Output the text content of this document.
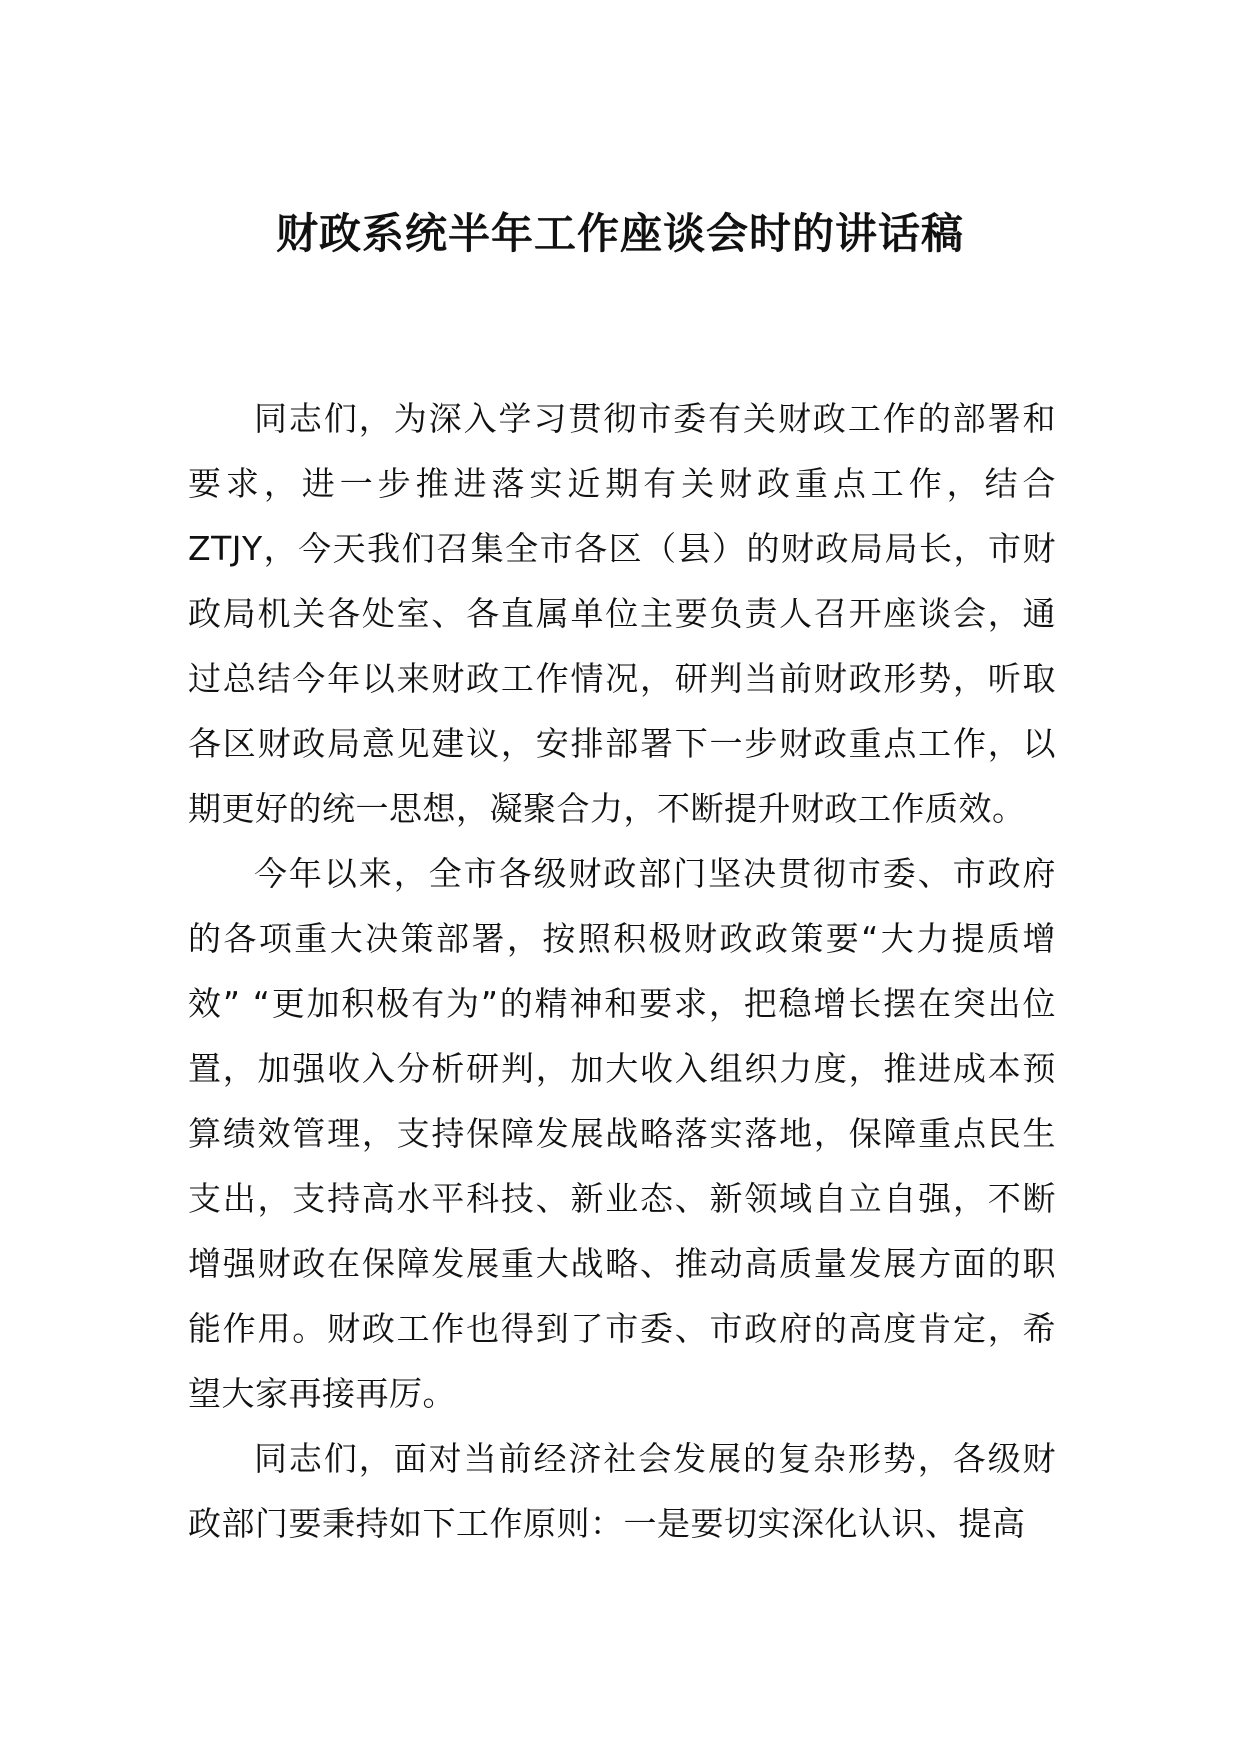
财政系统半年工作座谈会时的讲话稿

同志们，为深入学习贯彻市委有关财政工作的部署和要求，进一步推进落实近期有关财政重点工作，结合 ZTJY，今天我们召集全市各区（县）的财政局局长，市财政局机关各处室、各直属单位主要负责人召开座谈会，通过总结今年以来财政工作情况，研判当前财政形势，听取各区财政局意见建议，安排部署下一步财政重点工作，以期更好的统一思想，凝聚合力，不断提升财政工作质效。

今年以来，全市各级财政部门坚决贯彻市委、市政府的各项重大决策部署，按照积极财政政策要“大力提质增效” “更加积极有为”的精神和要求，把稳增长摆在突出位置，加强收入分析研判，加大收入组织力度，推进成本预算绩效管理，支持保障发展战略落实落地，保障重点民生支出，支持高水平科技、新业态、新领域自立自强，不断增强财政在保障发展重大战略、推动高质量发展方面的职能作用。财政工作也得到了市委、市政府的高度肯定，希望大家再接再厉。

同志们，面对当前经济社会发展的复杂形势，各级财政部门要秉持如下工作原则：一是要切实深化认识、提高
